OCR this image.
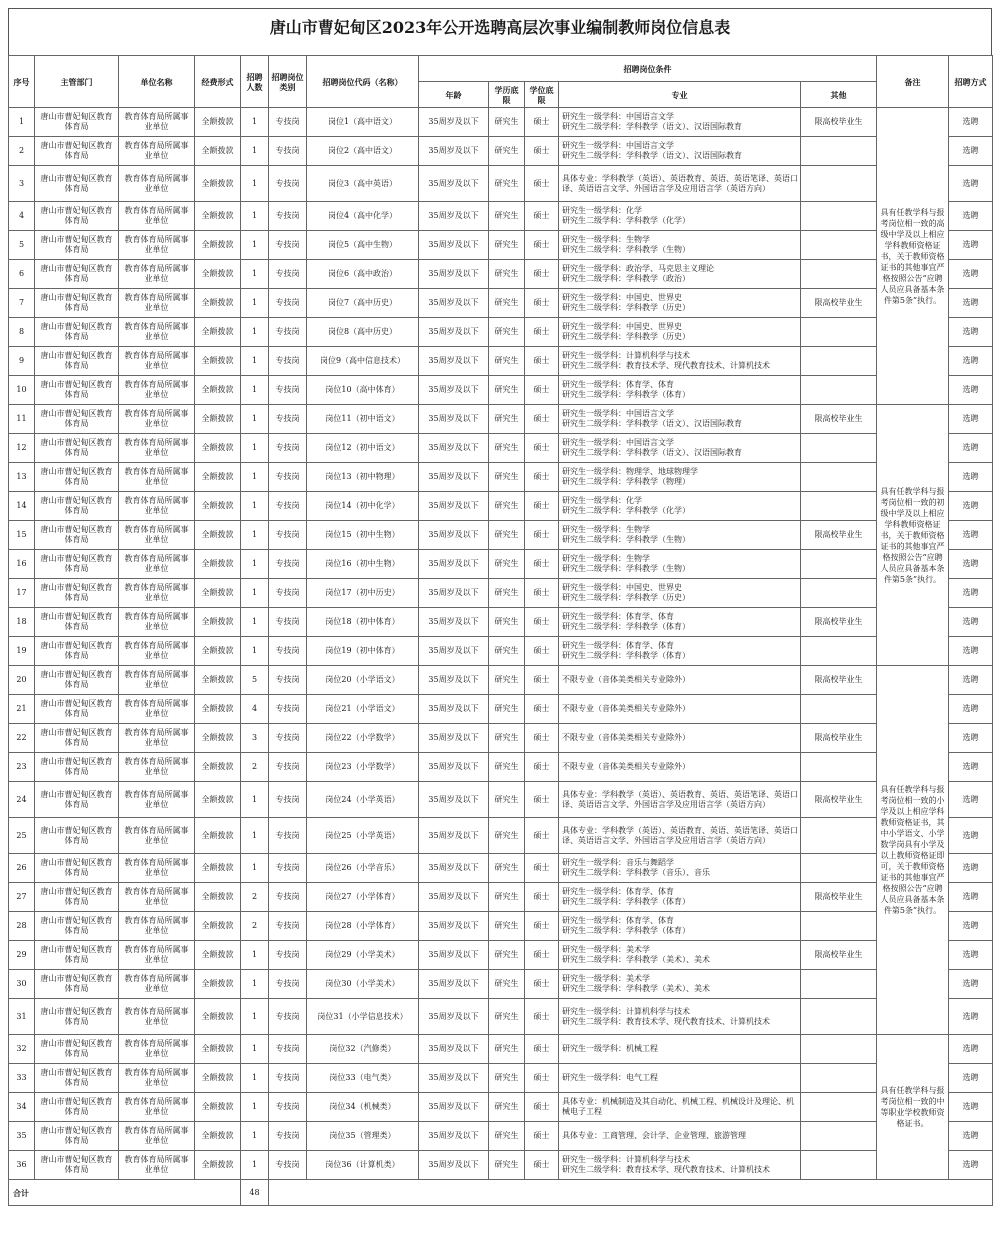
唐山市曹妃甸区2023年公开选聘高层次事业编制教师岗位信息表
序号	主管部门	单位名称	经费形式	招聘人数	招聘岗位类别	招聘岗位代码（名称）	招聘岗位条件					备注	招聘方式
							年龄	学历底限	学位底限	专业	其他		
1	唐山市曹妃甸区教育体育局	教育体育局所属事业单位	全额拨款	1	专技岗	岗位1（高中语文）	35周岁及以下	研究生	硕士	研究生一级学科：中国语言文学
研究生二级学科：学科教学（语文）、汉语国际教育	限高校毕业生	具有任教学科与报考岗位相一致的高级中学及以上相应学科教师资格证书，关于教师资格证书的其他事宜严格按照公告“应聘人员应具备基本条件第5条”执行。	选聘
2	唐山市曹妃甸区教育体育局	教育体育局所属事业单位	全额拨款	1	专技岗	岗位2（高中语文）	35周岁及以下	研究生	硕士	研究生一级学科：中国语言文学
研究生二级学科：学科教学（语文）、汉语国际教育			选聘
3	唐山市曹妃甸区教育体育局	教育体育局所属事业单位	全额拨款	1	专技岗	岗位3（高中英语）	35周岁及以下	研究生	硕士	具体专业：学科教学（英语）、英语教育、英语、英语笔译、英语口译、英语语言文学、外国语言学及应用语言学（英语方向）			选聘
4	唐山市曹妃甸区教育体育局	教育体育局所属事业单位	全额拨款	1	专技岗	岗位4（高中化学）	35周岁及以下	研究生	硕士	研究生一级学科：化学
研究生二级学科：学科教学（化学）			选聘
5	唐山市曹妃甸区教育体育局	教育体育局所属事业单位	全额拨款	1	专技岗	岗位5（高中生物）	35周岁及以下	研究生	硕士	研究生一级学科：生物学
研究生二级学科：学科教学（生物）			选聘
6	唐山市曹妃甸区教育体育局	教育体育局所属事业单位	全额拨款	1	专技岗	岗位6（高中政治）	35周岁及以下	研究生	硕士	研究生一级学科：政治学、马克思主义理论
研究生二级学科：学科教学（政治）			选聘
7	唐山市曹妃甸区教育体育局	教育体育局所属事业单位	全额拨款	1	专技岗	岗位7（高中历史）	35周岁及以下	研究生	硕士	研究生一级学科：中国史、世界史
研究生二级学科：学科教学（历史）	限高校毕业生		选聘
8	唐山市曹妃甸区教育体育局	教育体育局所属事业单位	全额拨款	1	专技岗	岗位8（高中历史）	35周岁及以下	研究生	硕士	研究生一级学科：中国史、世界史
研究生二级学科：学科教学（历史）			选聘
9	唐山市曹妃甸区教育体育局	教育体育局所属事业单位	全额拨款	1	专技岗	岗位9（高中信息技术）	35周岁及以下	研究生	硕士	研究生一级学科：计算机科学与技术
研究生二级学科：教育技术学、现代教育技术、计算机技术			选聘
10	唐山市曹妃甸区教育体育局	教育体育局所属事业单位	全额拨款	1	专技岗	岗位10（高中体育）	35周岁及以下	研究生	硕士	研究生一级学科：体育学、体育
研究生二级学科：学科教学（体育）			选聘
11	唐山市曹妃甸区教育体育局	教育体育局所属事业单位	全额拨款	1	专技岗	岗位11（初中语文）	35周岁及以下	研究生	硕士	研究生一级学科：中国语言文学
研究生二级学科：学科教学（语文）、汉语国际教育	限高校毕业生	具有任教学科与报考岗位相一致的初级中学及以上相应学科教师资格证书，关于教师资格证书的其他事宜严格按照公告“应聘人员应具备基本条件第5条”执行。	选聘
12	唐山市曹妃甸区教育体育局	教育体育局所属事业单位	全额拨款	1	专技岗	岗位12（初中语文）	35周岁及以下	研究生	硕士	研究生一级学科：中国语言文学
研究生二级学科：学科教学（语文）、汉语国际教育			选聘
13	唐山市曹妃甸区教育体育局	教育体育局所属事业单位	全额拨款	1	专技岗	岗位13（初中物理）	35周岁及以下	研究生	硕士	研究生一级学科：物理学、地球物理学
研究生二级学科：学科教学（物理）			选聘
14	唐山市曹妃甸区教育体育局	教育体育局所属事业单位	全额拨款	1	专技岗	岗位14（初中化学）	35周岁及以下	研究生	硕士	研究生一级学科：化学
研究生二级学科：学科教学（化学）			选聘
15	唐山市曹妃甸区教育体育局	教育体育局所属事业单位	全额拨款	1	专技岗	岗位15（初中生物）	35周岁及以下	研究生	硕士	研究生一级学科：生物学
研究生二级学科：学科教学（生物）	限高校毕业生		选聘
16	唐山市曹妃甸区教育体育局	教育体育局所属事业单位	全额拨款	1	专技岗	岗位16（初中生物）	35周岁及以下	研究生	硕士	研究生一级学科：生物学
研究生二级学科：学科教学（生物）			选聘
17	唐山市曹妃甸区教育体育局	教育体育局所属事业单位	全额拨款	1	专技岗	岗位17（初中历史）	35周岁及以下	研究生	硕士	研究生一级学科：中国史、世界史
研究生二级学科：学科教学（历史）			选聘
18	唐山市曹妃甸区教育体育局	教育体育局所属事业单位	全额拨款	1	专技岗	岗位18（初中体育）	35周岁及以下	研究生	硕士	研究生一级学科：体育学、体育
研究生二级学科：学科教学（体育）	限高校毕业生		选聘
19	唐山市曹妃甸区教育体育局	教育体育局所属事业单位	全额拨款	1	专技岗	岗位19（初中体育）	35周岁及以下	研究生	硕士	研究生一级学科：体育学、体育
研究生二级学科：学科教学（体育）			选聘
20	唐山市曹妃甸区教育体育局	教育体育局所属事业单位	全额拨款	5	专技岗	岗位20（小学语文）	35周岁及以下	研究生	硕士	不限专业（音体美类相关专业除外）	限高校毕业生	具有任教学科与报考岗位相一致的小学及以上相应学科教师资格证书，其中小学语文、小学数学岗具有小学及以上教师资格证即可，关于教师资格证书的其他事宜严格按照公告“应聘人员应具备基本条件第5条”执行。	选聘
21	唐山市曹妃甸区教育体育局	教育体育局所属事业单位	全额拨款	4	专技岗	岗位21（小学语文）	35周岁及以下	研究生	硕士	不限专业（音体美类相关专业除外）			选聘
22	唐山市曹妃甸区教育体育局	教育体育局所属事业单位	全额拨款	3	专技岗	岗位22（小学数学）	35周岁及以下	研究生	硕士	不限专业（音体美类相关专业除外）	限高校毕业生		选聘
23	唐山市曹妃甸区教育体育局	教育体育局所属事业单位	全额拨款	2	专技岗	岗位23（小学数学）	35周岁及以下	研究生	硕士	不限专业（音体美类相关专业除外）			选聘
24	唐山市曹妃甸区教育体育局	教育体育局所属事业单位	全额拨款	1	专技岗	岗位24（小学英语）	35周岁及以下	研究生	硕士	具体专业：学科教学（英语）、英语教育、英语、英语笔译、英语口译、英语语言文学、外国语言学及应用语言学（英语方向）	限高校毕业生		选聘
25	唐山市曹妃甸区教育体育局	教育体育局所属事业单位	全额拨款	1	专技岗	岗位25（小学英语）	35周岁及以下	研究生	硕士	具体专业：学科教学（英语）、英语教育、英语、英语笔译、英语口译、英语语言文学、外国语言学及应用语言学（英语方向）			选聘
26	唐山市曹妃甸区教育体育局	教育体育局所属事业单位	全额拨款	1	专技岗	岗位26（小学音乐）	35周岁及以下	研究生	硕士	研究生一级学科：音乐与舞蹈学
研究生二级学科：学科教学（音乐）、音乐			选聘
27	唐山市曹妃甸区教育体育局	教育体育局所属事业单位	全额拨款	2	专技岗	岗位27（小学体育）	35周岁及以下	研究生	硕士	研究生一级学科：体育学、体育
研究生二级学科：学科教学（体育）	限高校毕业生		选聘
28	唐山市曹妃甸区教育体育局	教育体育局所属事业单位	全额拨款	2	专技岗	岗位28（小学体育）	35周岁及以下	研究生	硕士	研究生一级学科：体育学、体育
研究生二级学科：学科教学（体育）			选聘
29	唐山市曹妃甸区教育体育局	教育体育局所属事业单位	全额拨款	1	专技岗	岗位29（小学美术）	35周岁及以下	研究生	硕士	研究生一级学科：美术学
研究生二级学科：学科教学（美术）、美术	限高校毕业生		选聘
30	唐山市曹妃甸区教育体育局	教育体育局所属事业单位	全额拨款	1	专技岗	岗位30（小学美术）	35周岁及以下	研究生	硕士	研究生一级学科：美术学
研究生二级学科：学科教学（美术）、美术			选聘
31	唐山市曹妃甸区教育体育局	教育体育局所属事业单位	全额拨款	1	专技岗	岗位31（小学信息技术）	35周岁及以下	研究生	硕士	研究生一级学科：计算机科学与技术
研究生二级学科：教育技术学、现代教育技术、计算机技术			选聘
32	唐山市曹妃甸区教育体育局	教育体育局所属事业单位	全额拨款	1	专技岗	岗位32（汽修类）	35周岁及以下	研究生	硕士	研究生一级学科：机械工程		具有任教学科与报考岗位相一致的中等职业学校教师资格证书。	选聘
33	唐山市曹妃甸区教育体育局	教育体育局所属事业单位	全额拨款	1	专技岗	岗位33（电气类）	35周岁及以下	研究生	硕士	研究生一级学科：电气工程			选聘
34	唐山市曹妃甸区教育体育局	教育体育局所属事业单位	全额拨款	1	专技岗	岗位34（机械类）	35周岁及以下	研究生	硕士	具体专业：机械制造及其自动化、机械工程、机械设计及理论、机械电子工程			选聘
35	唐山市曹妃甸区教育体育局	教育体育局所属事业单位	全额拨款	1	专技岗	岗位35（管理类）	35周岁及以下	研究生	硕士	具体专业：工商管理、会计学、企业管理、旅游管理			选聘
36	唐山市曹妃甸区教育体育局	教育体育局所属事业单位	全额拨款	1	专技岗	岗位36（计算机类）	35周岁及以下	研究生	硕士	研究生一级学科：计算机科学与技术
研究生二级学科：教育技术学、现代教育技术、计算机技术			选聘
合计				48									
